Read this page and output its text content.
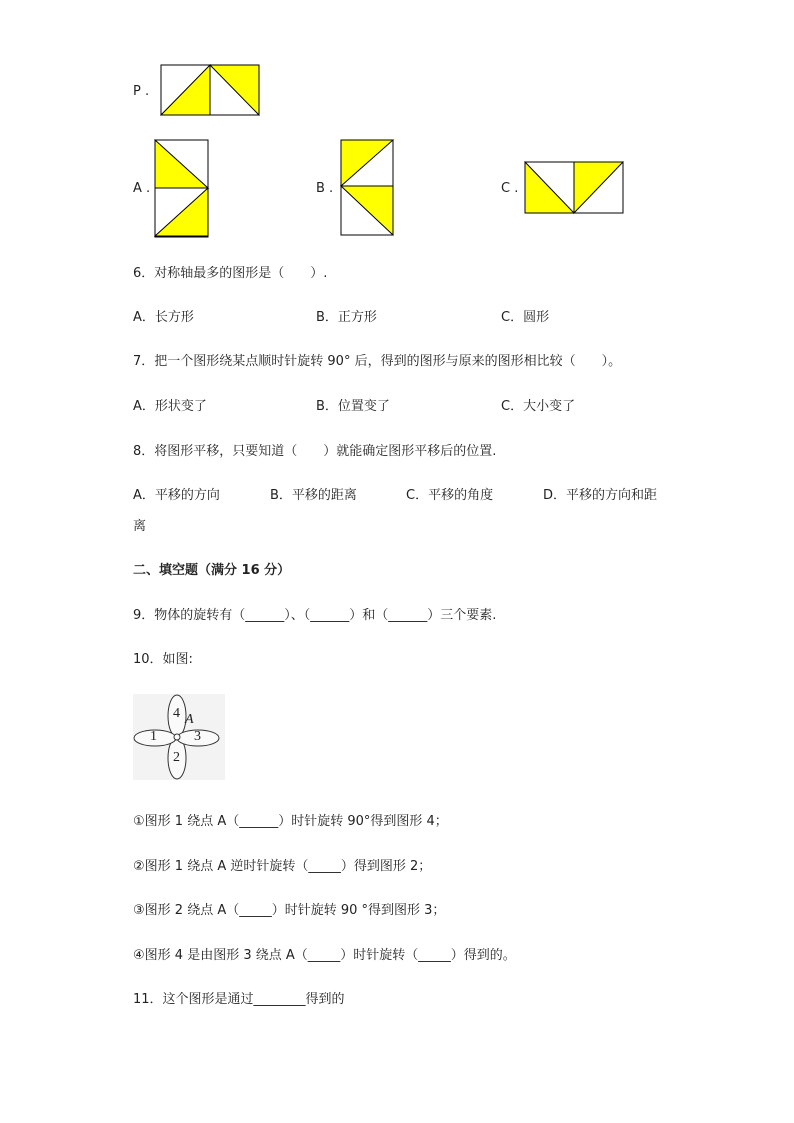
P .
A .	B .	C .
6．对称轴最多的图形是（　　）.
A．长方形	B．正方形	C．圆形
7．把一个图形绕某点顺时针旋转 90° 后，得到的图形与原来的图形相比较（　　）。
A．形状变了	B．位置变了	C．大小变了
8．将图形平移，只要知道（　　）就能确定图形平移后的位置.
A．平移的方向	B．平移的距离	C．平移的角度	D．平移的方向和距
离
二、填空题（满分 16 分）
9．物体的旋转有（______）、（______）和（______）三个要素.
10．如图:
4 A
1	3
2
①图形 1 绕点 A（______）时针旋转 90°得到图形 4；
②图形 1 绕点 A 逆时针旋转（_____）得到图形 2；
③图形 2 绕点 A（_____）时针旋转 90 °得到图形 3；
④图形 4 是由图形 3 绕点 A（_____）时针旋转（_____）得到的。
11．这个图形是通过________得到的
